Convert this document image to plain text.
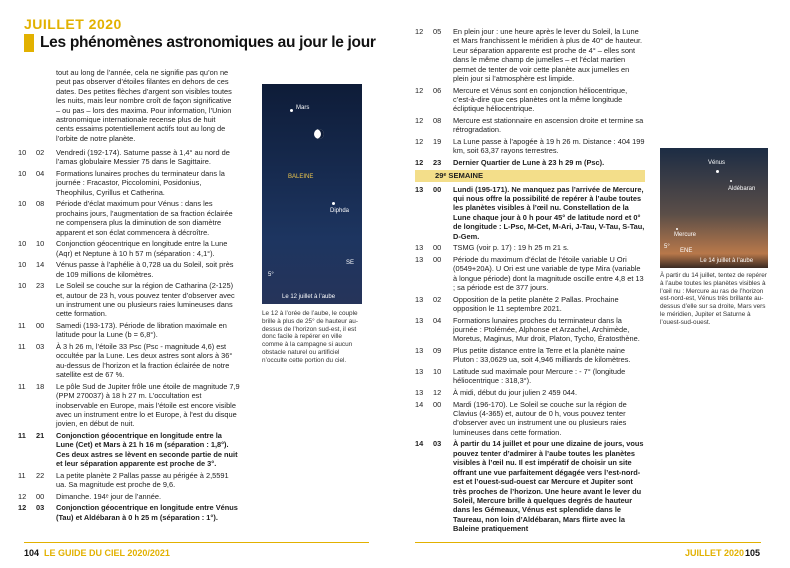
JUILLET 2020
Les phénomènes astronomiques au jour le jour
tout au long de l’année, cela ne signifie pas qu’on ne peut pas observer d’étoiles filantes en dehors de ces dates. Des petites flèches d’argent son visibles toutes les nuits, mais leur nombre croît de façon significative – ou pas – lors des maxima. Pour information, l’Union astronomique internationale recense plus de huit cents essaims potentiellement actifs tout au long de l’orbite de notre planète.
10	02	Vendredi (192-174). Saturne passe à 1,4° au nord de l’amas globulaire Messier 75 dans le Sagittaire.
10	04	Formations lunaires proches du terminateur dans la journée : Fracastor, Piccolomini, Posidonius, Theophilus, Cyrillus et Catherina.
10	08	Période d’éclat maximum pour Vénus : dans les prochains jours, l’augmentation de sa fraction éclairée ne compensera plus la diminution de son diamètre apparent et son éclat commencera à décroître.
10	10	Conjonction géocentrique en longitude entre la Lune (Aqr) et Neptune à 10 h 57 m (séparation : 4,1°).
10	14	Vénus passe à l’aphélie à 0,728 ua du Soleil, soit près de 109 millions de kilomètres.
10	23	Le Soleil se couche sur la région de Catharina (2-125) et, autour de 23 h, vous pouvez tenter d’observer avec un instrument une ou plusieurs raies lumineuses dans cette formation.
11	00	Samedi (193-173). Période de libration maximale en latitude pour la Lune (b = 6,8°).
11	03	À 3 h 26 m, l’étoile 33 Psc (Psc - magnitude 4,6) est occultée par la Lune. Les deux astres sont alors à 36° au-dessus de l’horizon et la fraction éclairée de notre satellite est de 67 %.
11	18	Le pôle Sud de Jupiter frôle une étoile de magnitude 7,9 (PPM 270037) à 18 h 27 m. L’occultation est inobservable en Europe, mais l’étoile est encore visible avec un instrument entre lo et Europe, à l’est du disque jovien, en début de nuit.
11	21	Conjonction géocentrique en longitude entre la Lune (Cet) et Mars à 21 h 16 m (séparation : 1,8°). Ces deux astres se lèvent en seconde partie de nuit et leur séparation apparente est proche de 3°.
11	22	La petite planète 2 Pallas passe au périgée à 2,5591 ua. Sa magnitude est proche de 9,6.
12	00	Dimanche. 194ᵉ jour de l’année.
12	03	Conjonction géocentrique en longitude entre Vénus (Tau) et Aldébaran à 0 h 25 m (séparation : 1°).
Mars
BALEINE
Diphda
5°
SE
Le 12 juillet à l’aube
Le 12 à l’orée de l’aube, le couple brille à plus de 25° de hauteur au-dessus de l’horizon sud-est, il est donc facile à repérer en ville comme à la campagne si aucun obstacle naturel ou artificiel n’occulte cette portion du ciel.
104 LE GUIDE DU CIEL 2020/2021
12	05	En plein jour : une heure après le lever du Soleil, la Lune et Mars franchissent le méridien à plus de 40° de hauteur. Leur séparation apparente est proche de 4° – elles sont dans le même champ de jumelles – et l’éclat martien permet de tenter de voir cette planète aux jumelles en plein jour si l’atmosphère est limpide.
12	06	Mercure et Vénus sont en conjonction héliocentrique, c’est-à-dire que ces planètes ont la même longitude écliptique héliocentrique.
12	08	Mercure est stationnaire en ascension droite et termine sa rétrogradation.
12	19	La Lune passe à l’apogée à 19 h 26 m. Distance : 404 199 km, soit 63,37 rayons terrestres.
12	23	Dernier Quartier de Lune à 23 h 29 m (Psc).
29ᵉ SEMAINE
13	00	Lundi (195-171). Ne manquez pas l’arrivée de Mercure, qui nous offre la possibilité de repérer à l’aube toutes les planètes visibles à l’œil nu. Constellation de la Lune chaque jour à 0 h pour 45° de latitude nord et 0° de longitude : L-Psc, M-Cet, M-Ari, J-Tau, V-Tau, S-Tau, D-Gem.
13	00	TSMG (voir p. 17) : 19 h 25 m 21 s.
13	00	Période du maximum d’éclat de l’étoile variable U Ori (0549+20A). U Ori est une variable de type Mira (variable à longue période) dont la magnitude oscille entre 4,8 et 13 ; sa période est de 377 jours.
13	02	Opposition de la petite planète 2 Pallas. Prochaine opposition le 11 septembre 2021.
13	04	Formations lunaires proches du terminateur dans la journée : Ptolémée, Alphonse et Arzachel, Archimède, Moretus, Maginus, Mur droit, Platon, Tycho, Ératosthène.
13	09	Plus petite distance entre la Terre et la planète naine Pluton : 33,0629 ua, soit 4,946 milliards de kilomètres.
13	10	Latitude sud maximale pour Mercure : - 7° (longitude héliocentrique : 318,3°).
13	12	À midi, début du jour julien 2 459 044.
14	00	Mardi (196-170). Le Soleil se couche sur la région de Clavius (4-365) et, autour de 0 h, vous pouvez tenter d’observer avec un instrument une ou plusieurs raies lumineuses dans cette formation.
14	03	À partir du 14 juillet et pour une dizaine de jours, vous pouvez tenter d’admirer à l’aube toutes les planètes visibles à l’œil nu. Il est impératif de choisir un site offrant une vue parfaitement dégagée vers l’est-nord-est et l’ouest-sud-ouest car Mercure et Jupiter sont très proches de l’horizon. Une heure avant le lever du Soleil, Mercure brille à quelques degrés de hauteur dans les Gémeaux, Vénus est splendide dans le Taureau, non loin d’Aldébaran, Mars flirte avec la Baleine pratiquement
Vénus
Aldébaran
Mercure
5°
ENE
Le 14 juillet à l’aube
À partir du 14 juillet, tentez de repérer à l’aube toutes les planètes visibles à l’œil nu : Mercure au ras de l’horizon est-nord-est, Vénus très brillante au-dessus d’elle sur sa droite, Mars vers le méridien, Jupiter et Saturne à l’ouest-sud-ouest.
JUILLET 2020 105
